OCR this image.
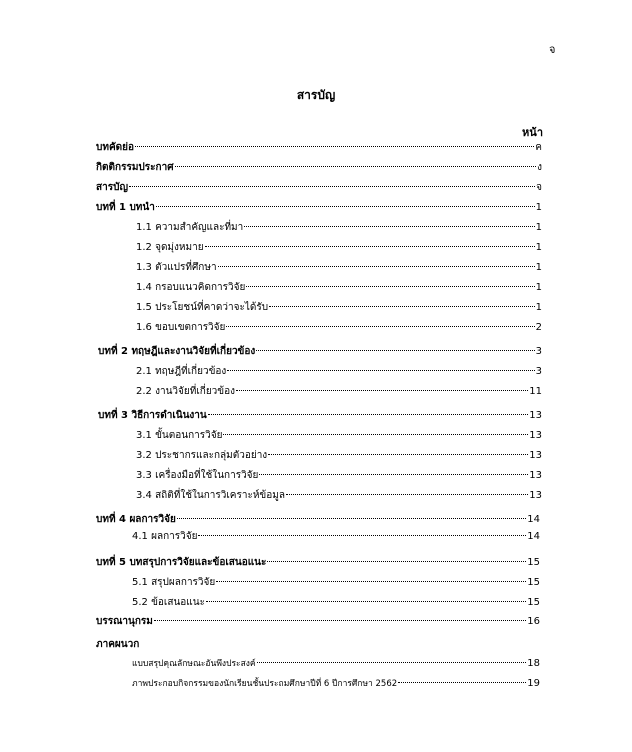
จ
สารบัญ
หน้า
บทคัดย่อ	ค
กิตติกรรมประกาศ	ง
สารบัญ	จ
บทที่ 1 บทนำ	1
1.1 ความสำคัญและที่มา	1
1.2 จุดมุ่งหมาย	1
1.3 ตัวแปรที่ศึกษา	1
1.4 กรอบแนวคิดการวิจัย	1
1.5 ประโยชน์ที่คาดว่าจะได้รับ	1
1.6 ขอบเขตการวิจัย	2
บทที่ 2 ทฤษฎีและงานวิจัยที่เกี่ยวข้อง	3
2.1 ทฤษฎีที่เกี่ยวข้อง	3
2.2 งานวิจัยที่เกี่ยวข้อง	11
บทที่ 3 วิธีการดำเนินงาน	13
3.1 ขั้นตอนการวิจัย	13
3.2 ประชากรและกลุ่มตัวอย่าง	13
3.3 เครื่องมือที่ใช้ในการวิจัย	13
3.4 สถิติที่ใช้ในการวิเคราะห์ข้อมูล	13
บทที่ 4 ผลการวิจัย	14
4.1 ผลการวิจัย	14
บทที่ 5 บทสรุปการวิจัยและข้อเสนอแนะ	15
5.1 สรุปผลการวิจัย	15
5.2 ข้อเสนอแนะ	15
บรรณานุกรม	16
ภาคผนวก
แบบสรุปคุณลักษณะอันพึงประสงค์	18
ภาพประกอบกิจกรรมของนักเรียนชั้นประถมศึกษาปีที่ 6 ปีการศึกษา 2562	19
